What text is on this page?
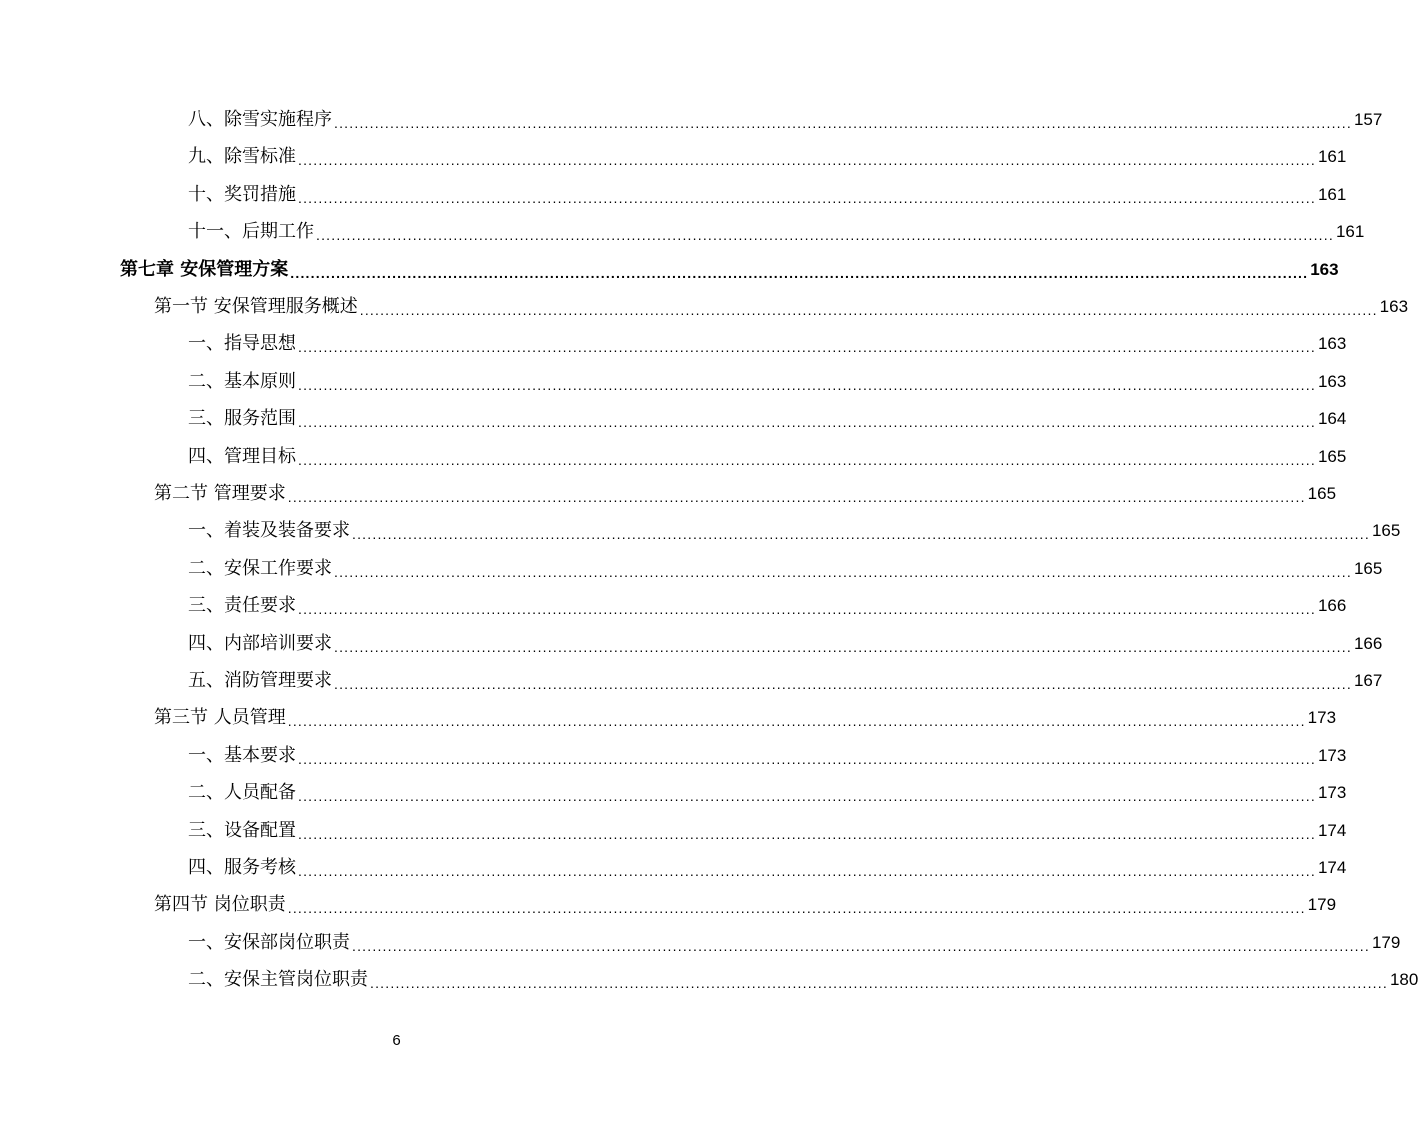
八、除雪实施程序 ........................................................................................................................................................................................................ 157
九、除雪标准 ........................................................................................................................................................................................................ 161
十、奖罚措施 ........................................................................................................................................................................................................ 161
十一、后期工作 ........................................................................................................................................................................................................ 161
第七章 安保管理方案 ........................................................................................................................................................................................................ 163
第一节 安保管理服务概述 ........................................................................................................................................................................................................ 163
一、指导思想 ........................................................................................................................................................................................................ 163
二、基本原则 ........................................................................................................................................................................................................ 163
三、服务范围 ........................................................................................................................................................................................................ 164
四、管理目标 ........................................................................................................................................................................................................ 165
第二节 管理要求 ........................................................................................................................................................................................................ 165
一、着装及装备要求 ........................................................................................................................................................................................................ 165
二、安保工作要求 ........................................................................................................................................................................................................ 165
三、责任要求 ........................................................................................................................................................................................................ 166
四、内部培训要求 ........................................................................................................................................................................................................ 166
五、消防管理要求 ........................................................................................................................................................................................................ 167
第三节 人员管理 ........................................................................................................................................................................................................ 173
一、基本要求 ........................................................................................................................................................................................................ 173
二、人员配备 ........................................................................................................................................................................................................ 173
三、设备配置 ........................................................................................................................................................................................................ 174
四、服务考核 ........................................................................................................................................................................................................ 174
第四节 岗位职责 ........................................................................................................................................................................................................ 179
一、安保部岗位职责 ........................................................................................................................................................................................................ 179
二、安保主管岗位职责 ........................................................................................................................................................................................................ 180
6
